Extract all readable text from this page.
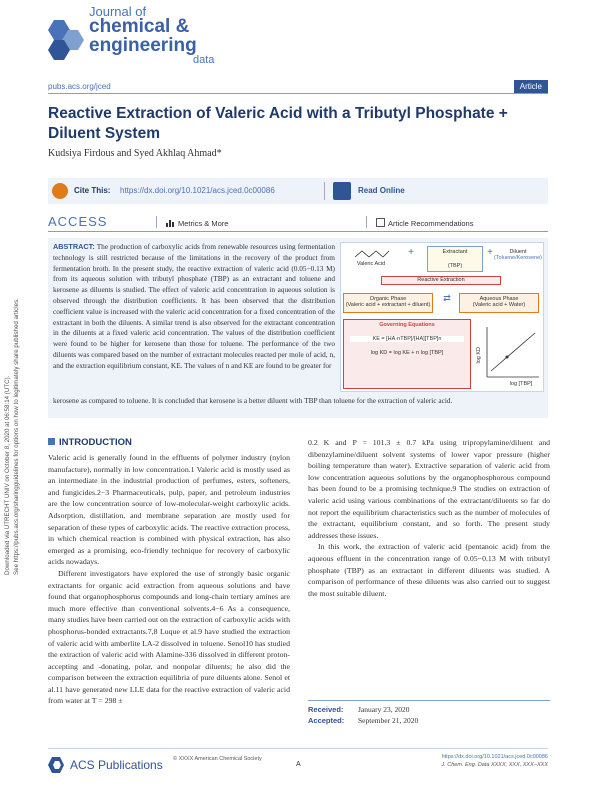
Downloaded via UTRECHT UNIV on October 8, 2020 at 06:58:14 (UTC). See https://pubs.acs.org/sharingguidelines for options on how to legitimately share published articles.
Journal of
chemical &
engineering
data
pubs.acs.org/jced	Article
Reactive Extraction of Valeric Acid with a Tributyl Phosphate + Diluent System
Kudsiya Firdous and Syed Akhlaq Ahmad*
Cite This: https://dx.doi.org/10.1021/acs.jced.0c00086	Read Online
ACCESS	Metrics & More	Article Recommendations

ABSTRACT: The production of carboxylic acids from renewable resources using fermentation technology is still restricted because of the limitations in the recovery of the product from fermentation broth. In the present study, the reactive extraction of valeric acid (0.05−0.13 M) from its aqueous solution with tributyl phosphate (TBP) as an extractant and toluene and kerosene as diluents is studied. The effect of valeric acid concentration in aqueous solution is observed through the distribution coefficients. It has been observed that the distribution coefficient value is increased with the valeric acid concentration for a fixed concentration of the extractant in both the diluents. A similar trend is also observed for the extractant concentration in the diluents at a fixed valeric acid concentration. The values of the distribution coefficient were found to be higher for kerosene than those for toluene. The performance of the two diluents was compared based on the number of extractant molecules reacted per mole of acid, n, and the extraction equilibrium constant, KE. The values of n and KE are found to be greater for

Valeric Acid
+	Extractant
(TBP)
+	Diluent
(Toluene/Kerosene)
Reactive Extraction
Organic Phase
(Valeric acid + extractant + diluent)
⇄	Aqueous Phase
(Valeric acid + Water)
Governing Equations
KE = [HA·nTBP]/[HA][TBP]n
log KD = log KE + n log [TBP]	log KD
log [TBP]

kerosene as compared to toluene. It is concluded that kerosene is a better diluent with TBP than toluene for the extraction of valeric acid.

INTRODUCTION

Valeric acid is generally found in the effluents of polymer industry (nylon manufacture), normally in low concentration.1 Valeric acid is mostly used as an intermediate in the industrial production of perfumes, esters, softeners, and fungicides.2−3 Pharmaceuticals, pulp, paper, and petroleum industries are the low concentration source of low-molecular-weight carboxylic acids. Adsorption, distillation, and membrane separation are mostly used for separation of these types of carboxylic acids. The reactive extraction process, in which chemical reaction is combined with physical extraction, has also emerged as a promising, eco-friendly technique for recovery of carboxylic acids nowadays.

Different investigators have explored the use of strongly basic organic extractants for organic acid extraction from aqueous solutions and have found that organophosphorus compounds and long-chain tertiary amines are much more effective than conventional solvents.4−6 As a consequence, many studies have been carried out on the extraction of carboxylic acids with phosphorus-bonded extractants.7,8 Luque et al.9 have studied the extraction of valeric acid with amberlite LA-2 dissolved in toluene. Senol10 has studied the extraction of valeric acid with Alamine-336 dissolved in different proton-accepting and -donating, polar, and nonpolar diluents; he also did the comparison between the extraction equilibria of pure diluents alone. Senol et al.11 have generated new LLE data for the reactive extraction of valeric acid from water at T = 298 ±

0.2 K and P = 101.3 ± 0.7 kPa using tripropylamine/diluent and dibenzylamine/diluent solvent systems of lower vapor pressure (higher boiling temperature than water). Extractive separation of valeric acid from low concentration aqueous solutions by the organophosphorous compound has been found to be a promising technique.9 The studies on extraction of valeric acid using various combinations of the extractant/diluents so far do not report the equilibrium characteristics such as the number of molecules of the extractant, equilibrium constant, and so forth. The present study addresses these issues.

In this work, the extraction of valeric acid (pentanoic acid) from the aqueous effluent in the concentration range of 0.05−0.13 M with tributyl phosphate (TBP) as an extractant in different diluents was studied. A comparison of performance of these diluents was also carried out to suggest the most suitable diluent.

Received: January 23, 2020
Accepted: September 21, 2020
ACS Publications © XXXX American Chemical Society
A
https://dx.doi.org/10.1021/acs.jced.0c00086
J. Chem. Eng. Data XXXX, XXX, XXX−XXX
